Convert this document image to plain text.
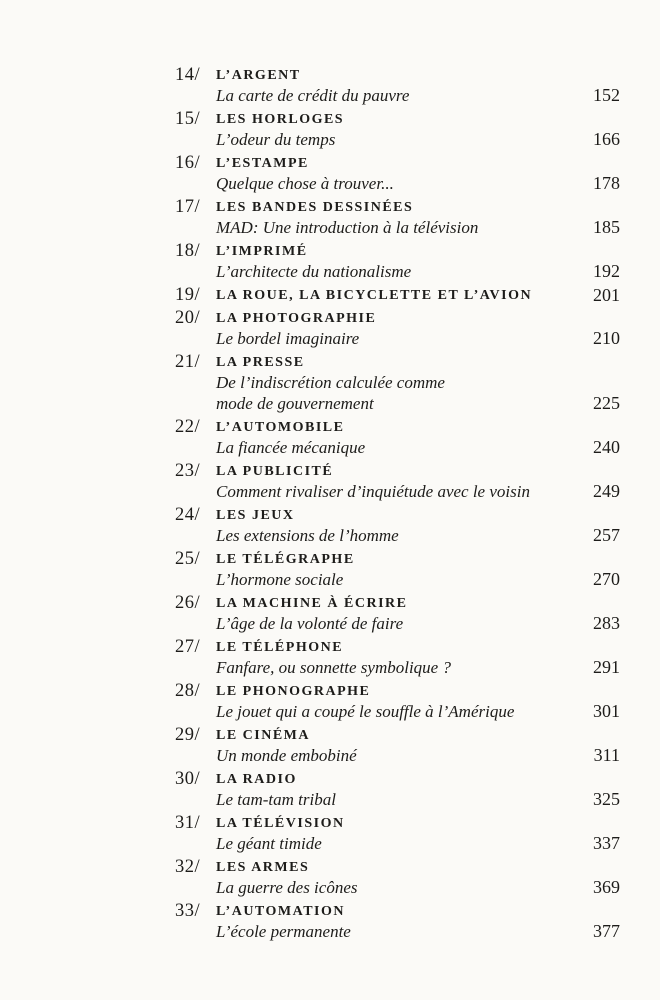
14/ L’ARGENT
La carte de crédit du pauvre	152
15/ LES HORLOGES
L’odeur du temps	166
16/ L’ESTAMPE
Quelque chose à trouver...	178
17/ LES BANDES DESSINÉES
MAD: Une introduction à la télévision	185
18/ L’IMPRIMÉ
L’architecte du nationalisme	192
19/ LA ROUE, LA BICYCLETTE ET L’AVION	201
20/ LA PHOTOGRAPHIE
Le bordel imaginaire	210
21/ LA PRESSE
De l’indiscrétion calculée comme
mode de gouvernement	225
22/ L’AUTOMOBILE
La fiancée mécanique	240
23/ LA PUBLICITÉ
Comment rivaliser d’inquiétude avec le voisin	249
24/ LES JEUX
Les extensions de l’homme	257
25/ LE TÉLÉGRAPHE
L’hormone sociale	270
26/ LA MACHINE À ÉCRIRE
L’âge de la volonté de faire	283
27/ LE TÉLÉPHONE
Fanfare, ou sonnette symbolique ?	291
28/ LE PHONOGRAPHE
Le jouet qui a coupé le souffle à l’Amérique	301
29/ LE CINÉMA
Un monde embobiné	311
30/ LA RADIO
Le tam-tam tribal	325
31/ LA TÉLÉVISION
Le géant timide	337
32/ LES ARMES
La guerre des icônes	369
33/ L’AUTOMATION
L’école permanente	377
